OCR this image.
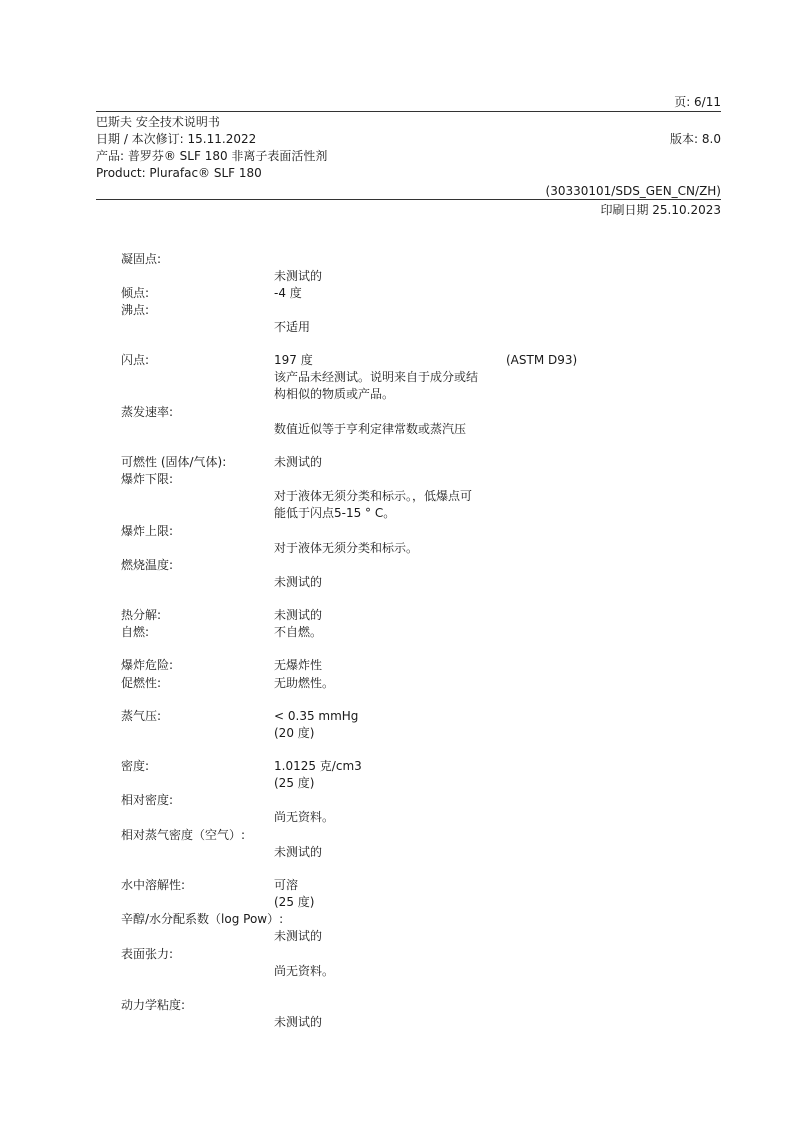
页: 6/11
巴斯夫 安全技术说明书
日期 / 本次修订: 15.11.2022	版本: 8.0
产品: 普罗芬® SLF 180 非离子表面活性剂
Product: Plurafac® SLF 180
(30330101/SDS_GEN_CN/ZH)
印刷日期 25.10.2023
凝固点:
未测试的
倾点:	-4 度
沸点:
不适用
闪点:	197 度	(ASTM D93)
该产品未经测试。说明来自于成分或结
构相似的物质或产品。
蒸发速率:
数值近似等于亨利定律常数或蒸汽压
可燃性 (固体/气体):	未测试的
爆炸下限:
对于液体无须分类和标示。，低爆点可
能低于闪点5-15 ° C。
爆炸上限:
对于液体无须分类和标示。
燃烧温度:
未测试的
热分解:	未测试的
自燃:	不自燃。
爆炸危险:	无爆炸性
促燃性:	无助燃性。
蒸气压:	< 0.35 mmHg
(20 度)
密度:	1.0125 克/cm3
(25 度)
相对密度:
尚无资料。
相对蒸气密度（空气）:
未测试的
水中溶解性:	可溶
(25 度)
辛醇/水分配系数（log Pow）:
未测试的
表面张力:
尚无资料。
动力学粘度:
未测试的
